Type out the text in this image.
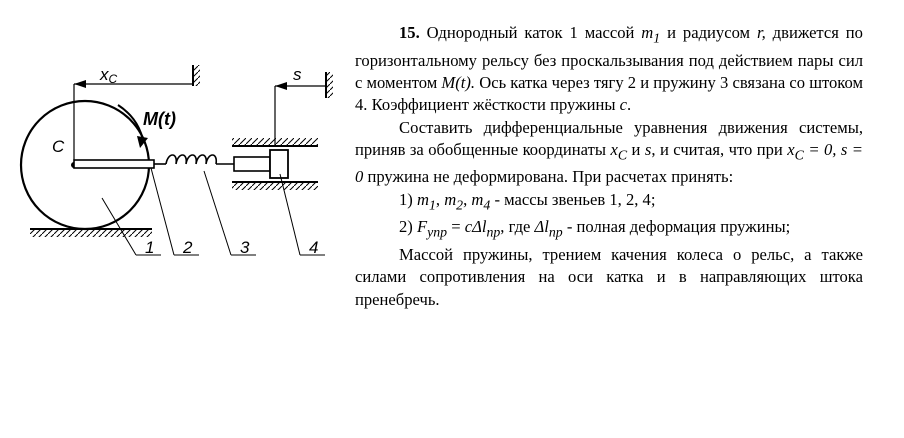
xC	s
M(t)
C
1 2	3	4

15. Однородный каток 1 массой $m_1$ и радиусом r, движется по горизонтальному рельсу без проскальзывания под действием пары сил с моментом M(t). Ось катка через тягу 2 и пружину 3 связана со штоком 4. Коэффициент жёсткости пружины c.

Составить дифференциальные уравнения движения системы, приняв за обобщенные координаты $x_C$ и s, и считая, что при $x_C = 0$, s = 0 пружина не деформирована. При расчетах принять:

1) $m_1$, $m_2$, $m_4$ - массы звеньев 1, 2, 4;

2) $F_{упр} = c\Delta l_{пр}$, где $\Delta l_{пр}$ - полная деформация пружины;

Массой пружины, трением качения колеса о рельс, а также силами сопротивления на оси катка и в направляющих штока пренебречь.
